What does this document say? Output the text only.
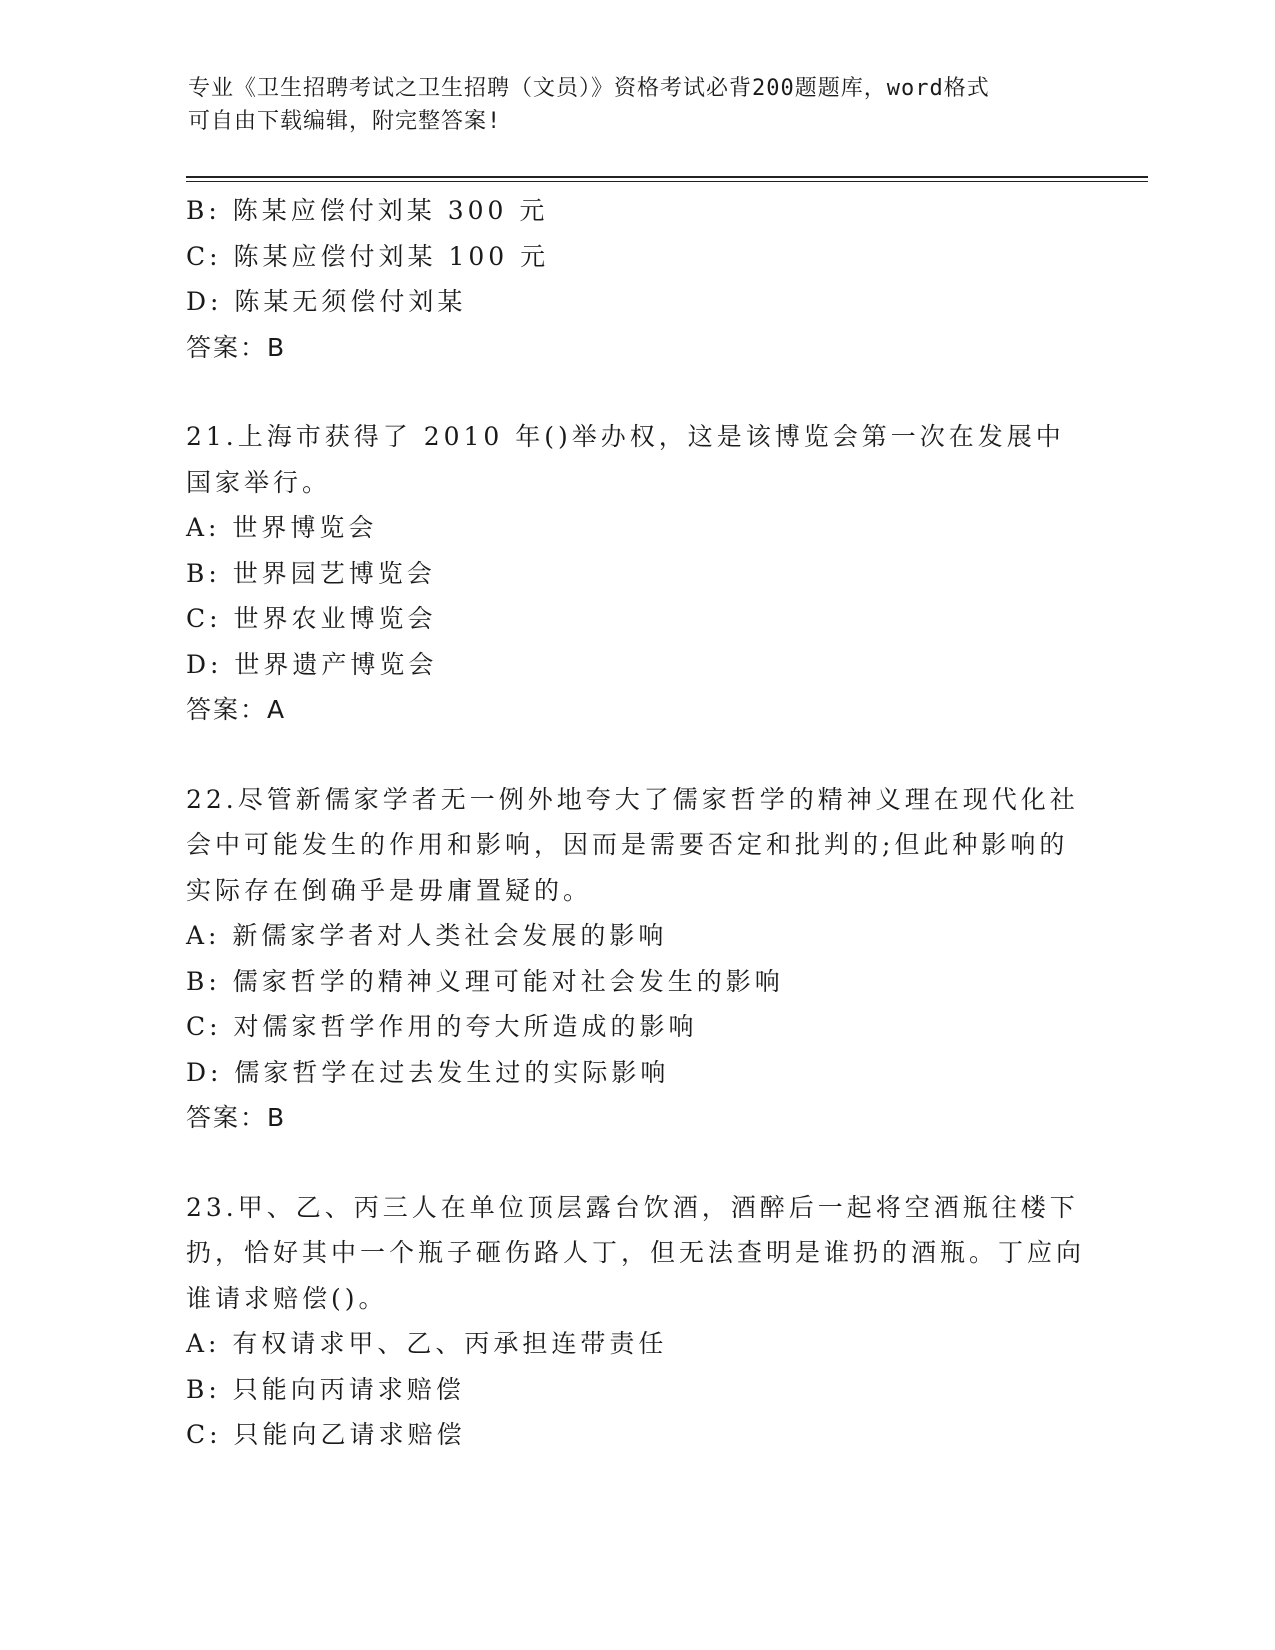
专业《卫生招聘考试之卫生招聘（文员）》资格考试必背200题题库，word格式
可自由下载编辑，附完整答案!
B: 陈某应偿付刘某 300 元
C: 陈某应偿付刘某 100 元
D: 陈某无须偿付刘某
答案：B
21.上海市获得了 2010 年()举办权，这是该博览会第一次在发展中国家举行。
A: 世界博览会
B: 世界园艺博览会
C: 世界农业博览会
D: 世界遗产博览会
答案：A
22.尽管新儒家学者无一例外地夸大了儒家哲学的精神义理在现代化社会中可能发生的作用和影响，因而是需要否定和批判的;但此种影响的实际存在倒确乎是毋庸置疑的。
A: 新儒家学者对人类社会发展的影响
B: 儒家哲学的精神义理可能对社会发生的影响
C: 对儒家哲学作用的夸大所造成的影响
D: 儒家哲学在过去发生过的实际影响
答案：B
23.甲、乙、丙三人在单位顶层露台饮酒，酒醉后一起将空酒瓶往楼下扔，恰好其中一个瓶子砸伤路人丁，但无法查明是谁扔的酒瓶。丁应向谁请求赔偿()。
A: 有权请求甲、乙、丙承担连带责任
B: 只能向丙请求赔偿
C: 只能向乙请求赔偿
